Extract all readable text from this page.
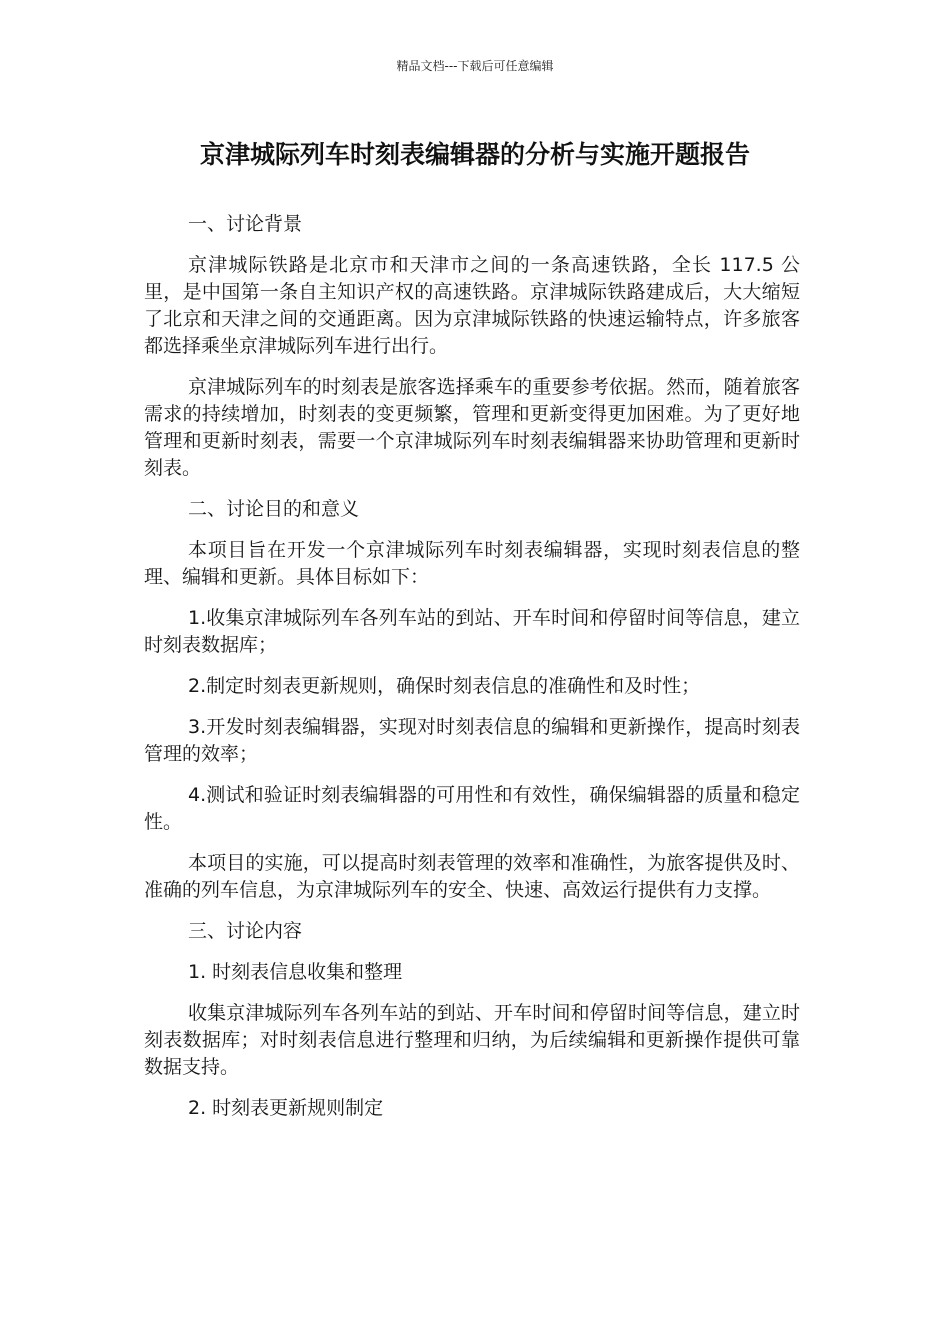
精品文档---下载后可任意编辑
京津城际列车时刻表编辑器的分析与实施开题报告

一、讨论背景

京津城际铁路是北京市和天津市之间的一条高速铁路，全长 117.5 公里，是中国第一条自主知识产权的高速铁路。京津城际铁路建成后，大大缩短了北京和天津之间的交通距离。因为京津城际铁路的快速运输特点，许多旅客都选择乘坐京津城际列车进行出行。

京津城际列车的时刻表是旅客选择乘车的重要参考依据。然而，随着旅客需求的持续增加，时刻表的变更频繁，管理和更新变得更加困难。为了更好地管理和更新时刻表，需要一个京津城际列车时刻表编辑器来协助管理和更新时刻表。

二、讨论目的和意义

本项目旨在开发一个京津城际列车时刻表编辑器，实现时刻表信息的整理、编辑和更新。具体目标如下：

1.收集京津城际列车各列车站的到站、开车时间和停留时间等信息，建立时刻表数据库；

2.制定时刻表更新规则，确保时刻表信息的准确性和及时性；

3.开发时刻表编辑器，实现对时刻表信息的编辑和更新操作，提高时刻表管理的效率；

4.测试和验证时刻表编辑器的可用性和有效性，确保编辑器的质量和稳定性。

本项目的实施，可以提高时刻表管理的效率和准确性，为旅客提供及时、准确的列车信息，为京津城际列车的安全、快速、高效运行提供有力支撑。

三、讨论内容

1. 时刻表信息收集和整理

收集京津城际列车各列车站的到站、开车时间和停留时间等信息，建立时刻表数据库；对时刻表信息进行整理和归纳，为后续编辑和更新操作提供可靠数据支持。

2. 时刻表更新规则制定
